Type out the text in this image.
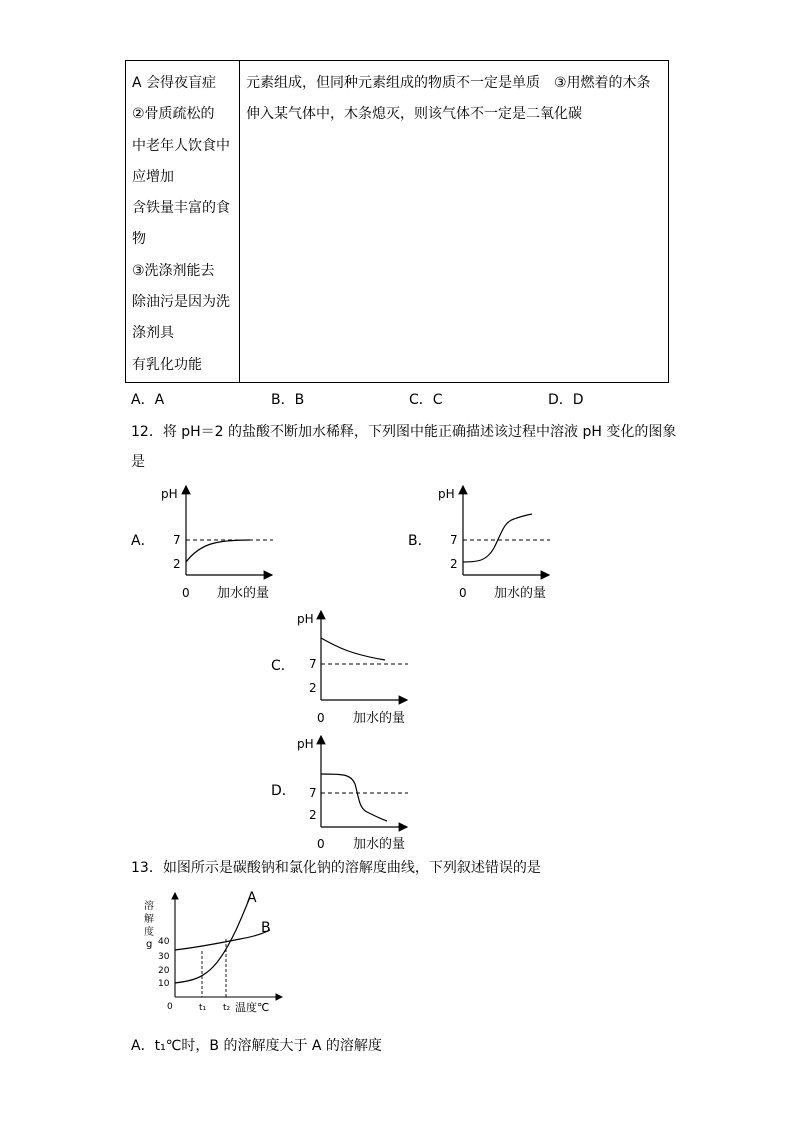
A 会得夜盲症
②骨质疏松的
中老年人饮食中
应增加
含铁量丰富的食
物
③洗涤剂能去
除油污是因为洗
涤剂具
有乳化功能

元素组成，但同种元素组成的物质不一定是单质　③用燃着的木条
伸入某气体中，木条熄灭，则该气体不一定是二氧化碳
A．A	B．B	C．C	D．D
12．将 pH＝2 的盐酸不断加水稀释，下列图中能正确描述该过程中溶液 pH 变化的图象
是
A．	B．
C．
D．
pH
7
2
0 加水的量
pH
7
2
0 加水的量
pH
7
2
0 加水的量
pH
7
2
0 加水的量
13．如图所示是碳酸钠和氯化钠的溶解度曲线，下列叙述错误的是
溶
解
度
g 40
30
20
10
0	t₁ t₂ 温度℃
A
B
A．t₁℃时，B 的溶解度大于 A 的溶解度
